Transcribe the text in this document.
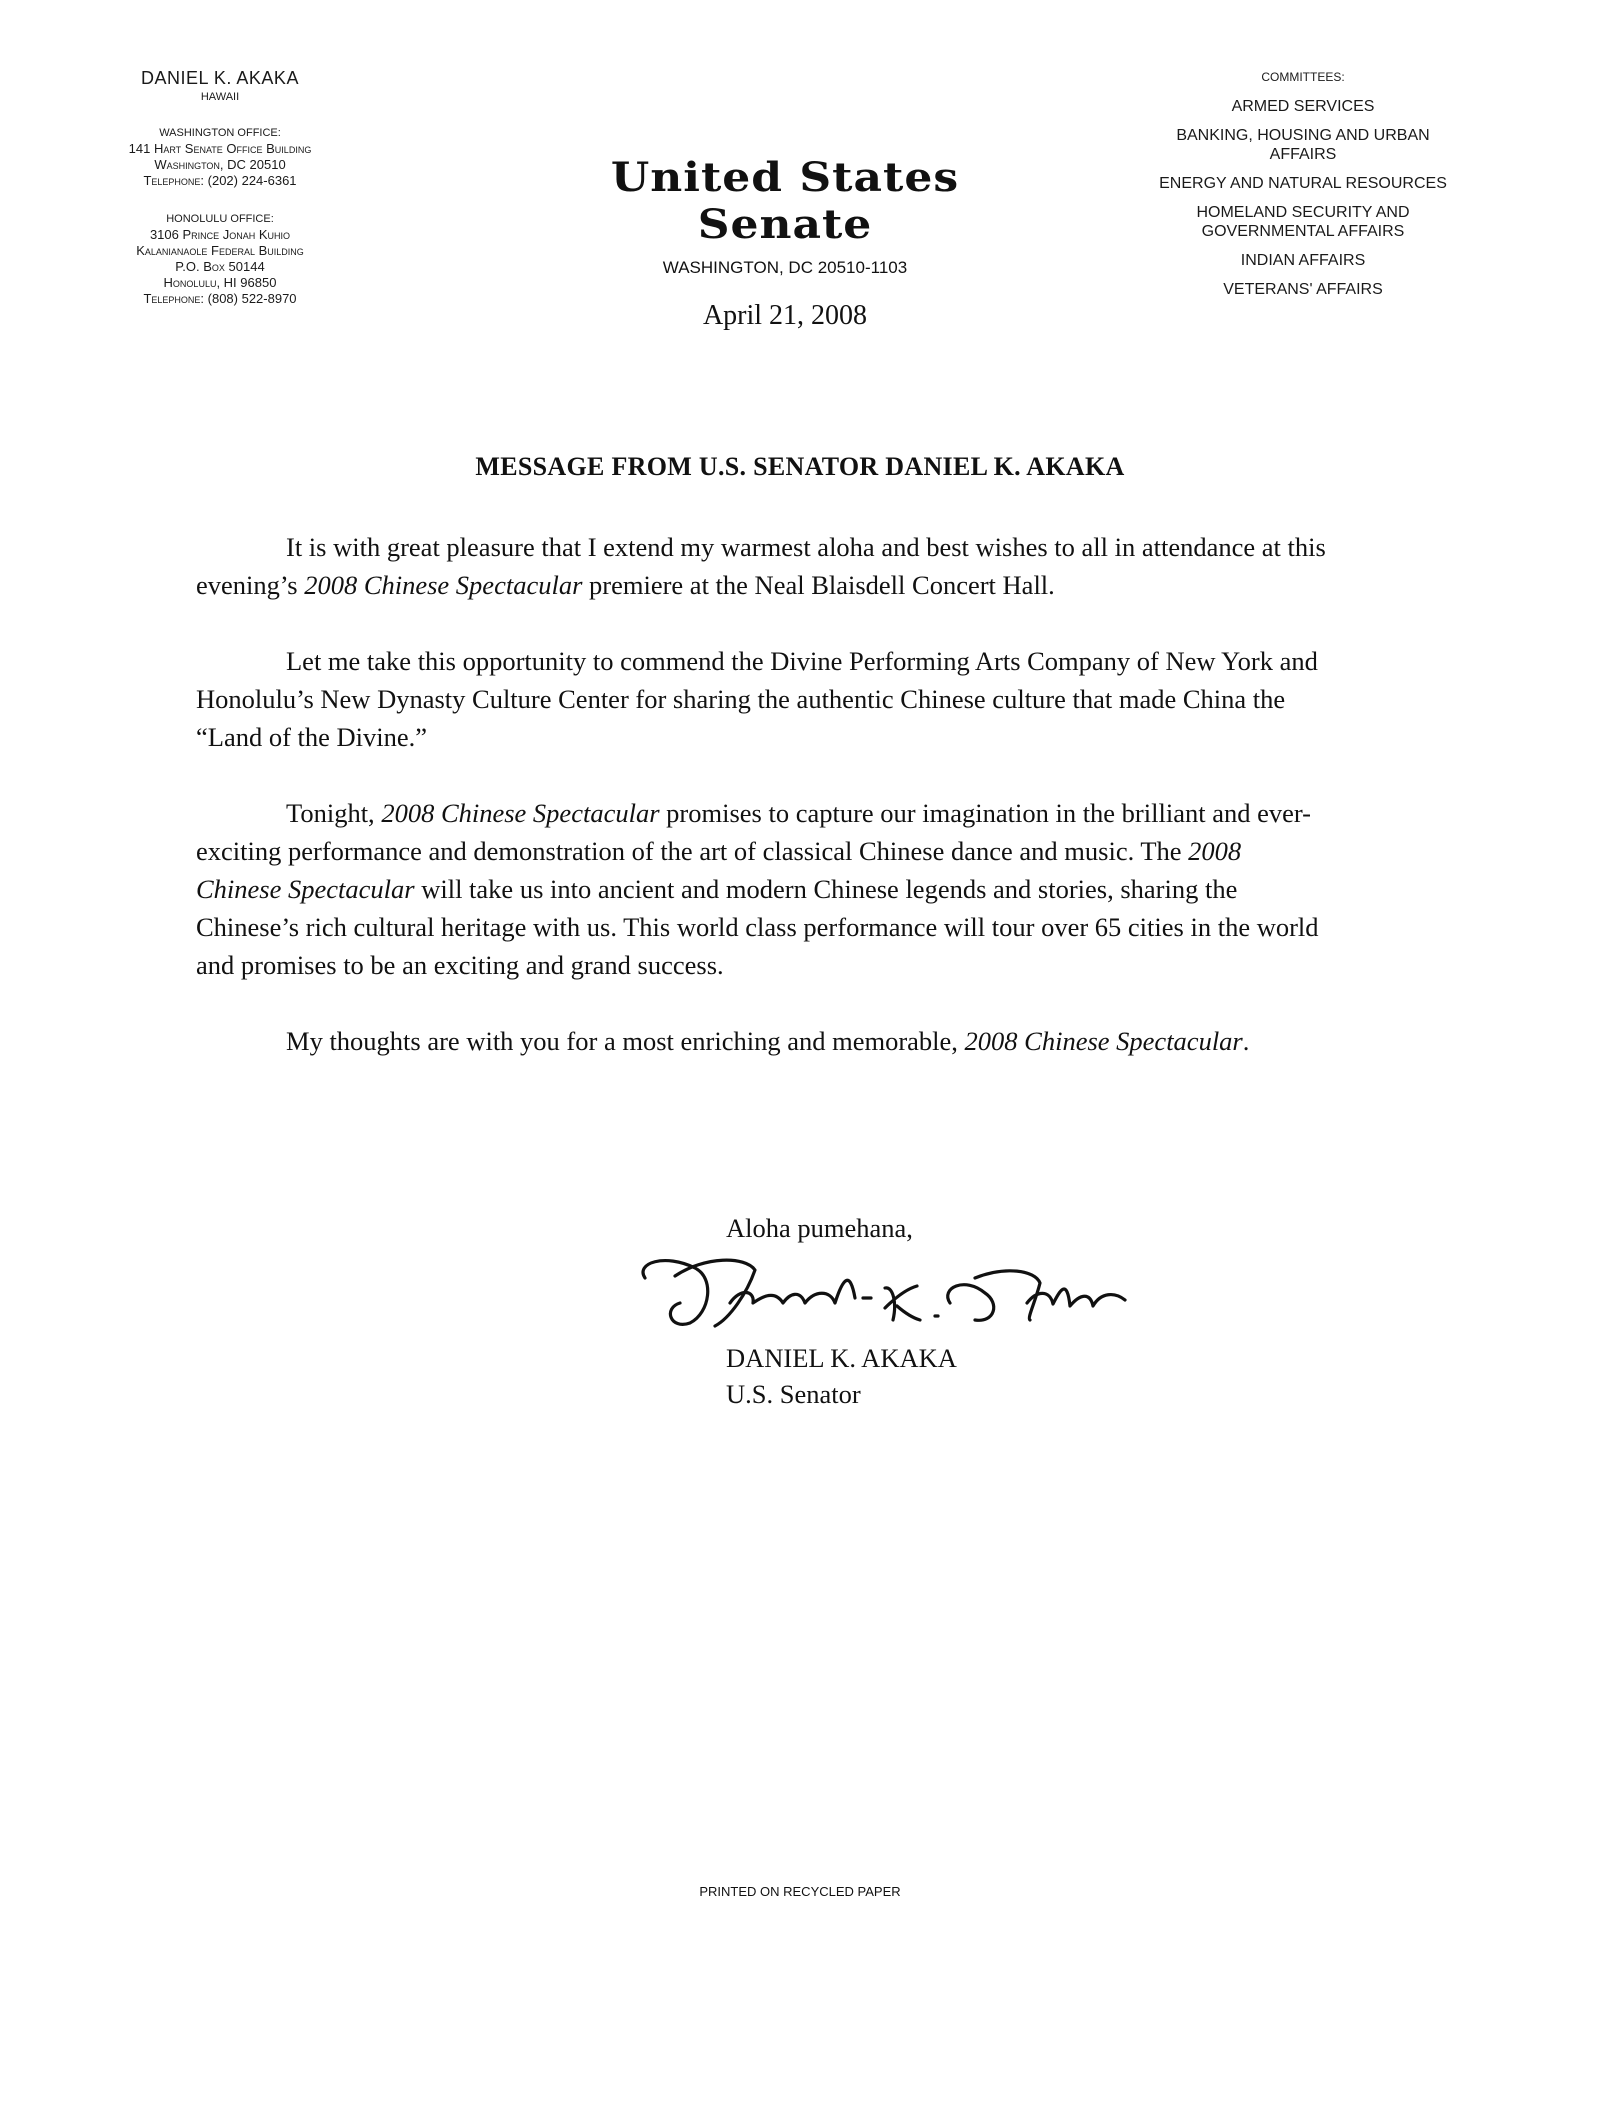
DANIEL K. AKAKA
HAWAII
WASHINGTON OFFICE:
141 Hart Senate Office Building
Washington, DC 20510
Telephone: (202) 224-6361
HONOLULU OFFICE:
3106 Prince Jonah Kuhio
Kalanianaole Federal Building
P.O. Box 50144
Honolulu, HI 96850
Telephone: (808) 522-8970
United States Senate
WASHINGTON, DC 20510-1103
COMMITTEES:
ARMED SERVICES
BANKING, HOUSING AND URBAN AFFAIRS
ENERGY AND NATURAL RESOURCES
HOMELAND SECURITY AND GOVERNMENTAL AFFAIRS
INDIAN AFFAIRS
VETERANS' AFFAIRS
April 21, 2008
MESSAGE FROM U.S. SENATOR DANIEL K. AKAKA

It is with great pleasure that I extend my warmest aloha and best wishes to all in attendance at this evening’s 2008 Chinese Spectacular premiere at the Neal Blaisdell Concert Hall.

Let me take this opportunity to commend the Divine Performing Arts Company of New York and Honolulu’s New Dynasty Culture Center for sharing the authentic Chinese culture that made China the “Land of the Divine.”

Tonight, 2008 Chinese Spectacular promises to capture our imagination in the brilliant and ever-exciting performance and demonstration of the art of classical Chinese dance and music. The 2008 Chinese Spectacular will take us into ancient and modern Chinese legends and stories, sharing the Chinese’s rich cultural heritage with us. This world class performance will tour over 65 cities in the world and promises to be an exciting and grand success.

My thoughts are with you for a most enriching and memorable, 2008 Chinese Spectacular.

Aloha pumehana,
DANIEL K. AKAKA
U.S. Senator
PRINTED ON RECYCLED PAPER
